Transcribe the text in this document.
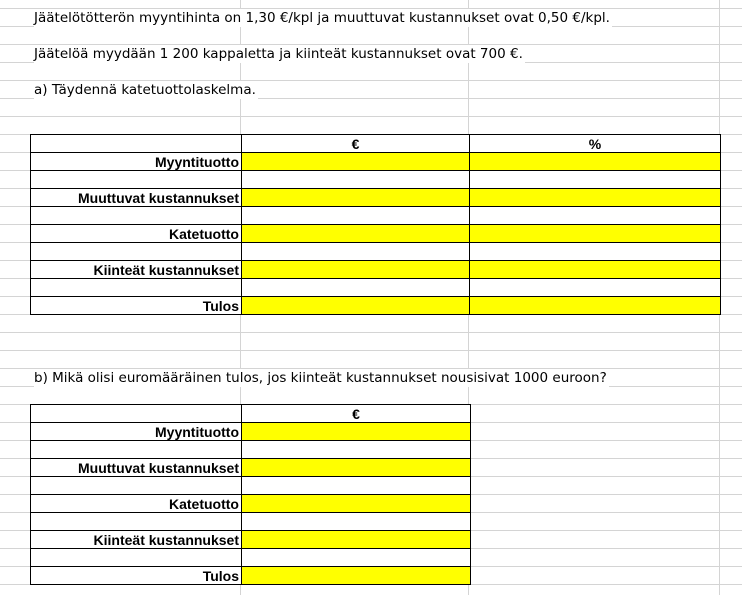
Jäätelötötterön myyntihinta on 1,30 €/kpl ja muuttuvat kustannukset ovat 0,50 €/kpl.
Jäätelöä myydään 1 200 kappaletta ja kiinteät kustannukset ovat 700 €.
a) Täydennä katetuottolaskelma.
	€	%
Myyntituotto		

Muuttuvat kustannukset		

Katetuotto		

Kiinteät kustannukset		

Tulos		
b) Mikä olisi euromääräinen tulos, jos kiinteät kustannukset nousisivat 1000 euroon?
	€
Myyntituotto	

Muuttuvat kustannukset	

Katetuotto	

Kiinteät kustannukset	

Tulos	
